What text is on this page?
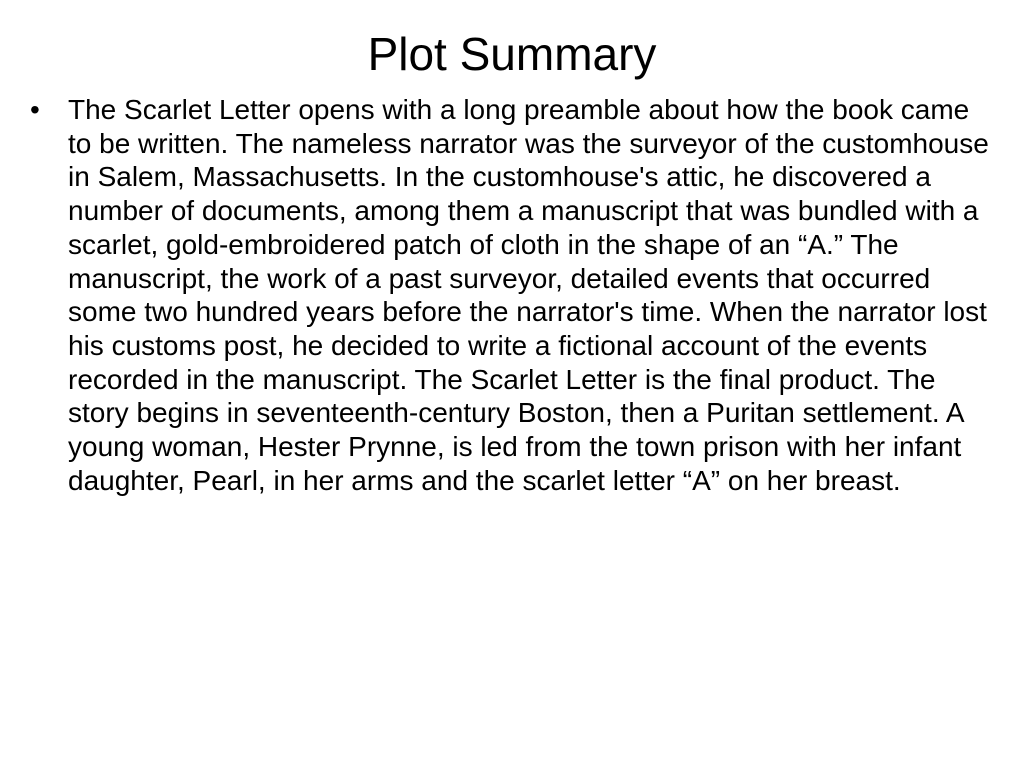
Plot Summary
•	The Scarlet Letter opens with a long preamble about how the book came to be written. The nameless narrator was the surveyor of the customhouse in Salem, Massachusetts. In the customhouse's attic, he discovered a number of documents, among them a manuscript that was bundled with a scarlet, gold-embroidered patch of cloth in the shape of an “A.” The manuscript, the work of a past surveyor, detailed events that occurred some two hundred years before the narrator's time. When the narrator lost his customs post, he decided to write a fictional account of the events recorded in the manuscript. The Scarlet Letter is the final product. The story begins in seventeenth-century Boston, then a Puritan settlement. A young woman, Hester Prynne, is led from the town prison with her infant daughter, Pearl, in her arms and the scarlet letter “A” on her breast.
